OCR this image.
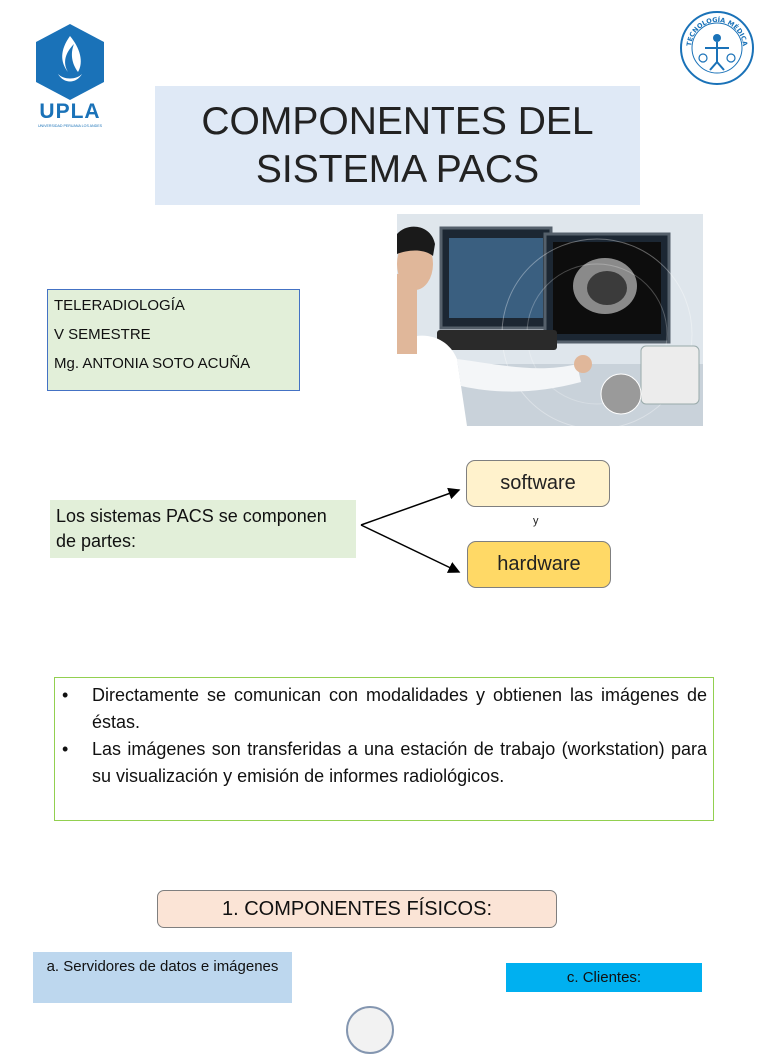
UPLA
UNIVERSIDAD PERUANA LOS ANDES
TECNOLOGÍA MÉDICA
COMPONENTES DEL
SISTEMA PACS
TELERADIOLOGÍA
V SEMESTRE
Mg. ANTONIA SOTO ACUÑA
Los sistemas PACS se componen de partes:
software
y
hardware
•	Directamente se comunican con modalidades y obtienen las imágenes de éstas.
•	Las imágenes son transferidas a una estación de trabajo (workstation) para su visualización y emisión de informes radiológicos.
1. COMPONENTES FÍSICOS:
a. Servidores de datos e imágenes
c. Clientes:
